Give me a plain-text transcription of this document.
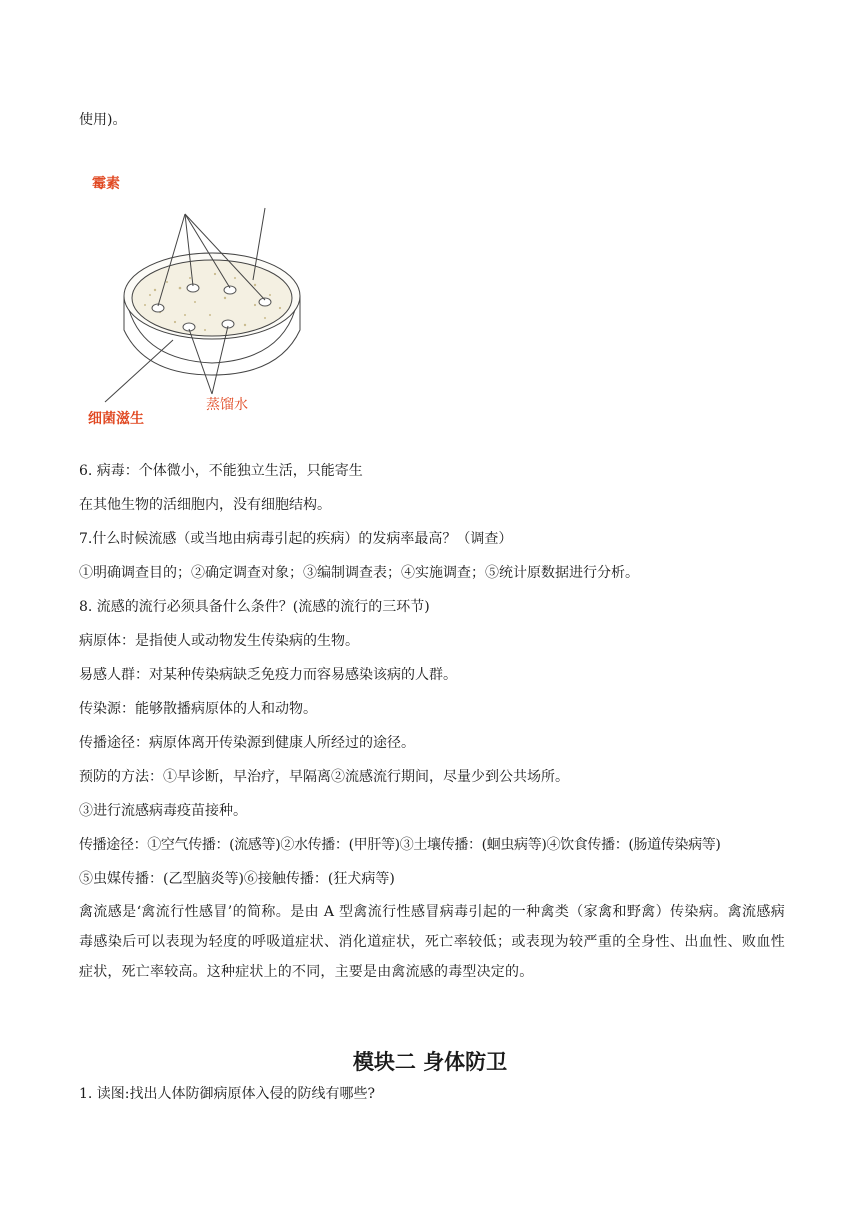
使用)。
霉素
蒸馏水
细菌滋生
6. 病毒：个体微小，不能独立生活，只能寄生
在其他生物的活细胞内，没有细胞结构。
7.什么时候流感（或当地由病毒引起的疾病）的发病率最高？（调查）
①明确调查目的；②确定调查对象；③编制调查表；④实施调查；⑤统计原数据进行分析。
8. 流感的流行必须具备什么条件？(流感的流行的三环节)
病原体：是指使人或动物发生传染病的生物。
易感人群：对某种传染病缺乏免疫力而容易感染该病的人群。
传染源：能够散播病原体的人和动物。
传播途径：病原体离开传染源到健康人所经过的途径。
预防的方法：①早诊断，早治疗，早隔离②流感流行期间，尽量少到公共场所。
③进行流感病毒疫苗接种。
传播途径：①空气传播：(流感等)②水传播：(甲肝等)③土壤传播：(蛔虫病等)④饮食传播：(肠道传染病等)
⑤虫媒传播：(乙型脑炎等)⑥接触传播：(狂犬病等)
禽流感是‘禽流行性感冒’的简称。是由 A 型禽流行性感冒病毒引起的一种禽类（家禽和野禽）传染病。禽流感病毒感染后可以表现为轻度的呼吸道症状、消化道症状，死亡率较低；或表现为较严重的全身性、出血性、败血性症状，死亡率较高。这种症状上的不同，主要是由禽流感的毒型决定的。
模块二 身体防卫
1. 读图:找出人体防御病原体入侵的防线有哪些?
